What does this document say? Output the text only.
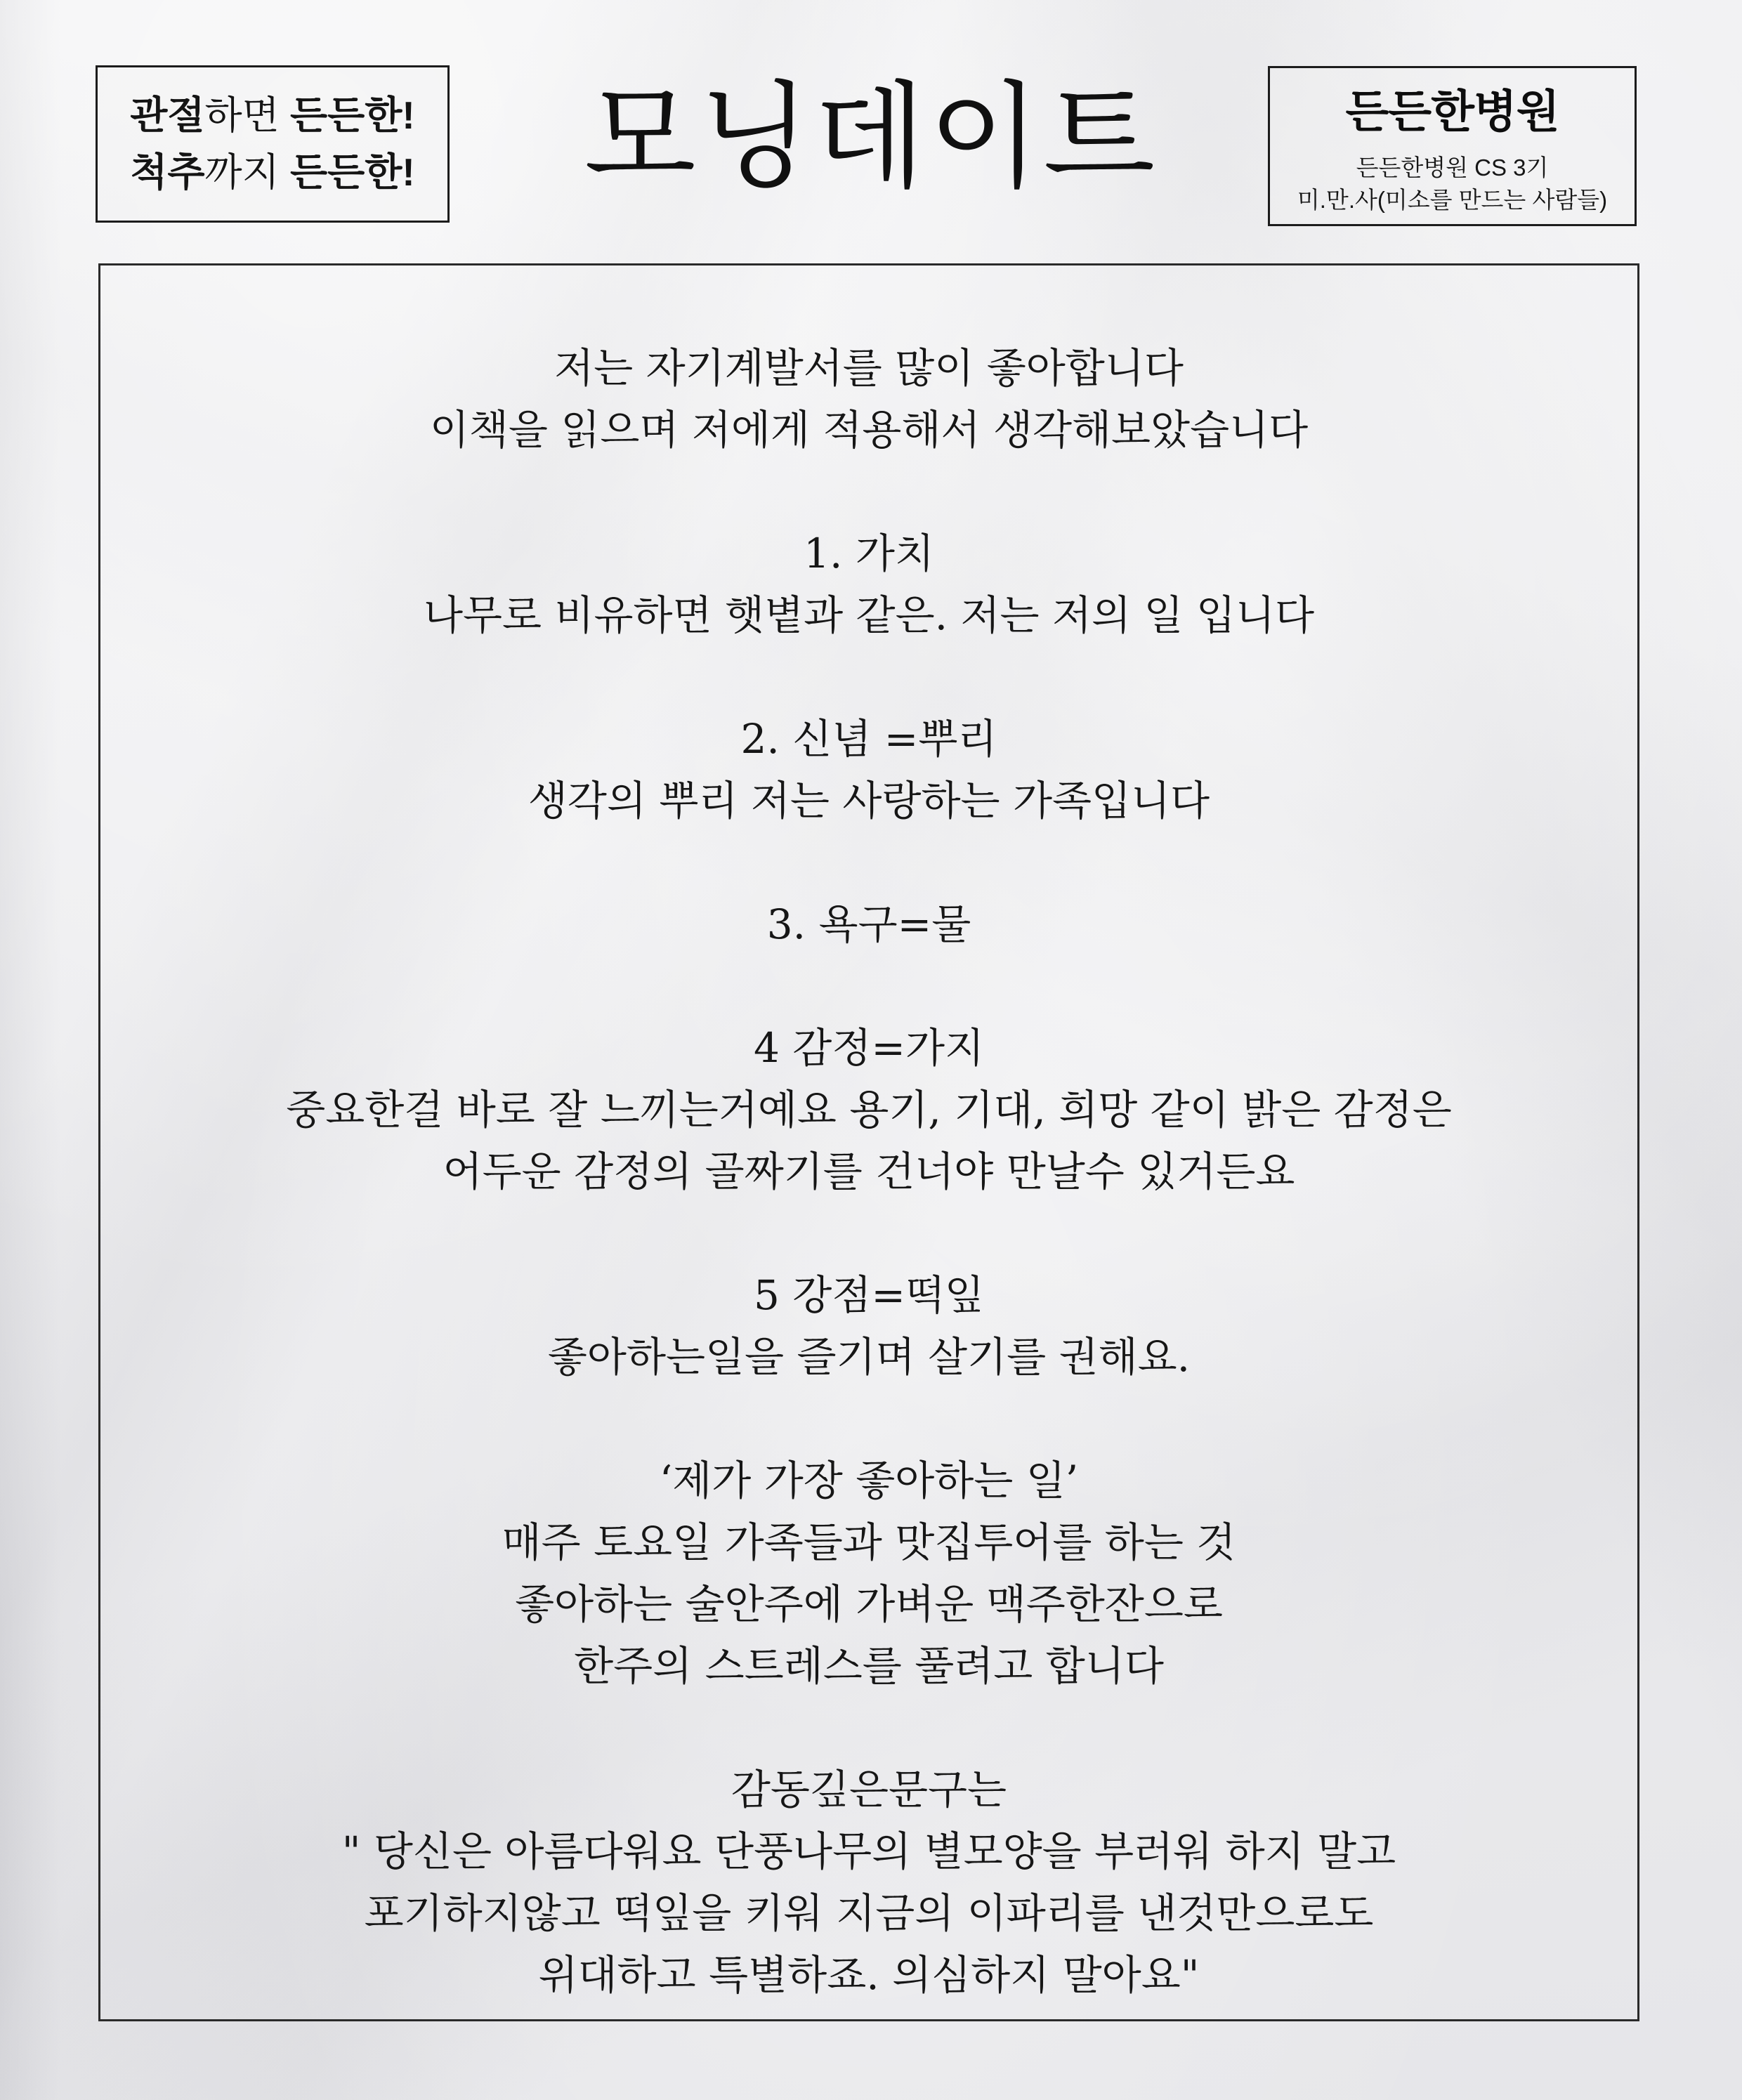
관절하면 든든한!
척추까지 든든한!	모닝데이트	든든한병원
든든한병원 CS 3기
미.만.사(미소를 만드는 사람들)
저는 자기계발서를 많이 좋아합니다
이책을 읽으며 저에게 적용해서 생각해보았습니다
1. 가치
나무로 비유하면 햇볕과 같은. 저는 저의 일 입니다
2. 신념 =뿌리
생각의 뿌리 저는 사랑하는 가족입니다
3. 욕구=물
4 감정=가지
중요한걸 바로 잘 느끼는거예요 용기, 기대, 희망 같이 밝은 감정은
어두운 감정의 골짜기를 건너야 만날수 있거든요
5 강점=떡잎
좋아하는일을 즐기며 살기를 권해요.
‘제가 가장 좋아하는 일’
매주 토요일 가족들과 맛집투어를 하는 것
좋아하는 술안주에 가벼운 맥주한잔으로
한주의 스트레스를 풀려고 합니다
감동깊은문구는
" 당신은 아름다워요 단풍나무의 별모양을 부러워 하지 말고
포기하지않고 떡잎을 키워 지금의 이파리를 낸것만으로도
위대하고 특별하죠. 의심하지 말아요"
